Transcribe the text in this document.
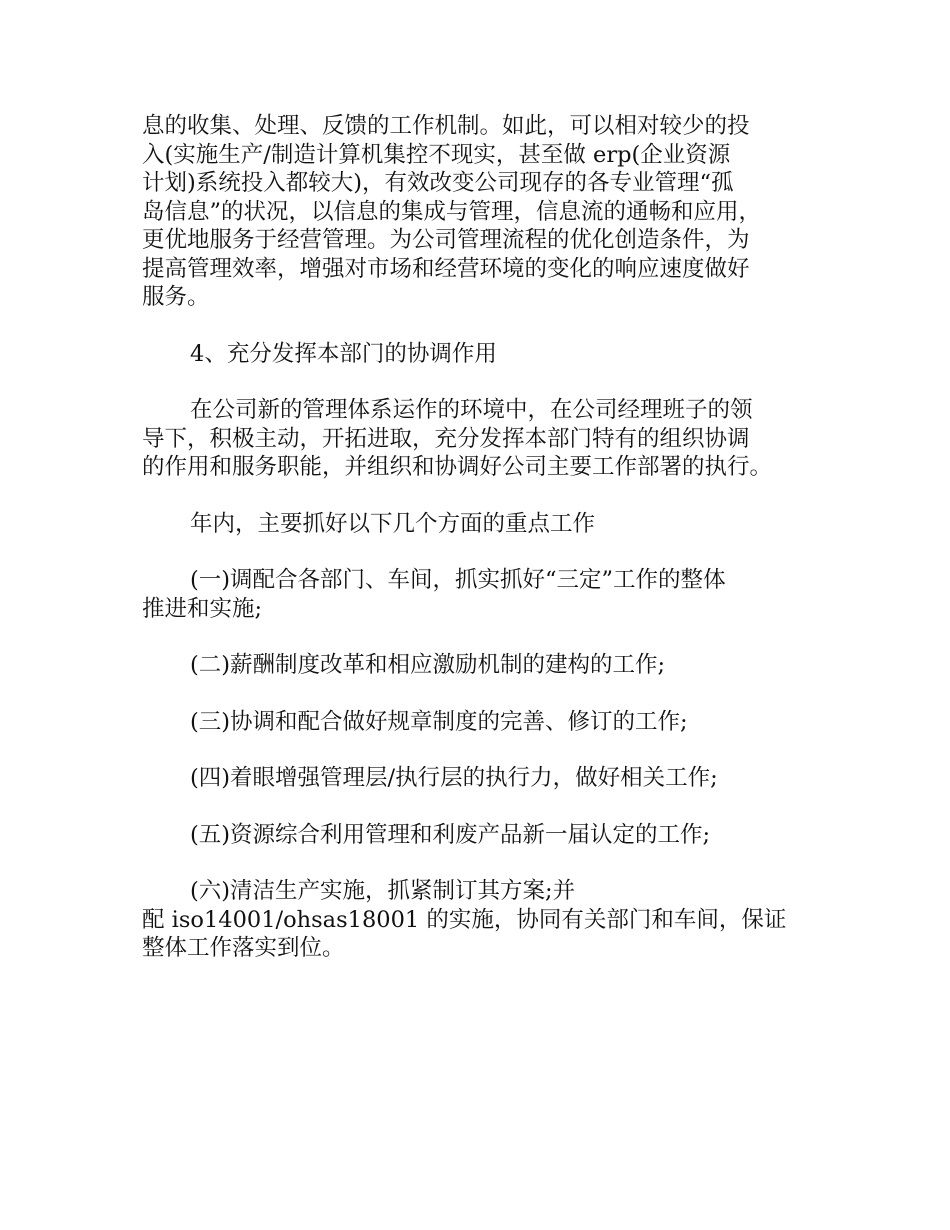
息的收集、处理、反馈的工作机制。如此，可以相对较少的投
入(实施生产/制造计算机集控不现实，甚至做 erp(企业资源
计划)系统投入都较大)，有效改变公司现存的各专业管理“孤
岛信息”的状况，以信息的集成与管理，信息流的通畅和应用，
更优地服务于经营管理。为公司管理流程的优化创造条件，为
提高管理效率，增强对市场和经营环境的变化的响应速度做好
服务。

4、充分发挥本部门的协调作用

在公司新的管理体系运作的环境中，在公司经理班子的领
导下，积极主动，开拓进取，充分发挥本部门特有的组织协调
的作用和服务职能，并组织和协调好公司主要工作部署的执行。

年内，主要抓好以下几个方面的重点工作

(一)调配合各部门、车间，抓实抓好“三定”工作的整体
推进和实施;

(二)薪酬制度改革和相应激励机制的建构的工作;

(三)协调和配合做好规章制度的完善、修订的工作;

(四)着眼增强管理层/执行层的执行力，做好相关工作;

(五)资源综合利用管理和利废产品新一届认定的工作;

(六)清洁生产实施，抓紧制订其方案;并
配 iso14001/ohsas18001 的实施，协同有关部门和车间，保证
整体工作落实到位。
